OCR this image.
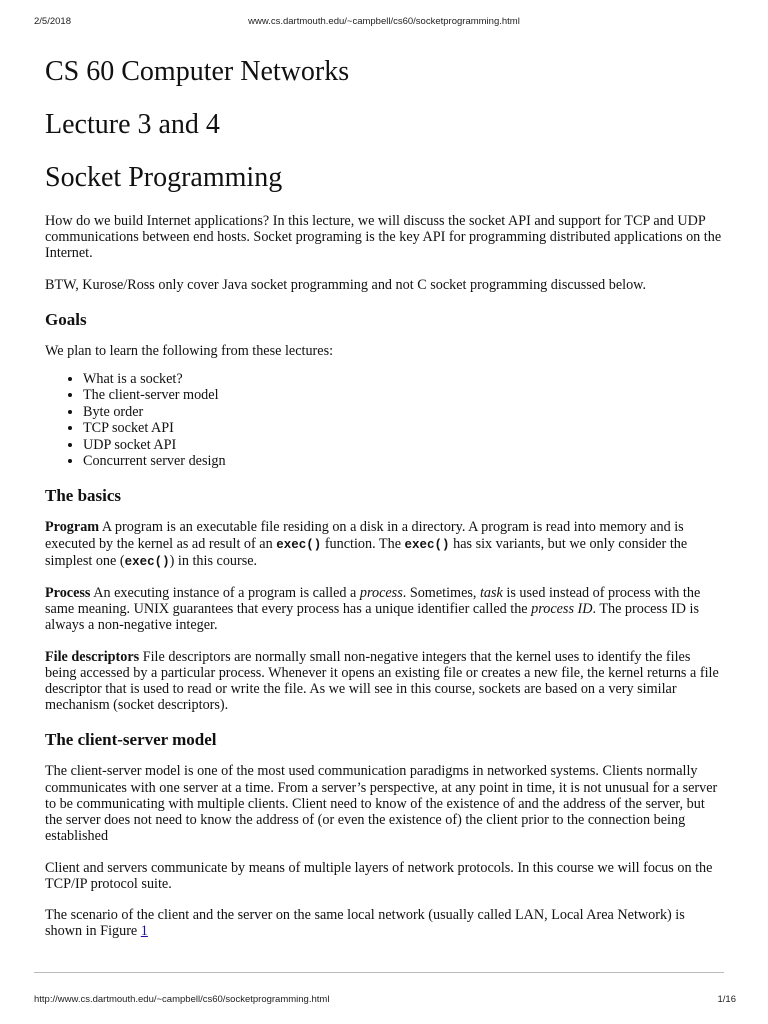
2/5/2018	www.cs.dartmouth.edu/~campbell/cs60/socketprogramming.html
CS 60 Computer Networks
Lecture 3 and 4
Socket Programming

How do we build Internet applications? In this lecture, we will discuss the socket API and support for TCP and UDP communications between end hosts. Socket programing is the key API for programming distributed applications on the Internet.

BTW, Kurose/Ross only cover Java socket programming and not C socket programming discussed below.

Goals

We plan to learn the following from these lectures:

• What is a socket?
• The client-server model
• Byte order
• TCP socket API
• UDP socket API
• Concurrent server design
The basics

Program A program is an executable file residing on a disk in a directory. A program is read into memory and is executed by the kernel as ad result of an exec() function. The exec() has six variants, but we only consider the simplest one (exec()) in this course.

Process An executing instance of a program is called a process. Sometimes, task is used instead of process with the same meaning. UNIX guarantees that every process has a unique identifier called the process ID. The process ID is always a non-negative integer.

File descriptors File descriptors are normally small non-negative integers that the kernel uses to identify the files being accessed by a particular process. Whenever it opens an existing file or creates a new file, the kernel returns a file descriptor that is used to read or write the file. As we will see in this course, sockets are based on a very similar mechanism (socket descriptors).

The client-server model

The client-server model is one of the most used communication paradigms in networked systems. Clients normally communicates with one server at a time. From a server’s perspective, at any point in time, it is not unusual for a server to be communicating with multiple clients. Client need to know of the existence of and the address of the server, but the server does not need to know the address of (or even the existence of) the client prior to the connection being established

Client and servers communicate by means of multiple layers of network protocols. In this course we will focus on the TCP/IP protocol suite.

The scenario of the client and the server on the same local network (usually called LAN, Local Area Network) is shown in Figure 1

http://www.cs.dartmouth.edu/~campbell/cs60/socketprogramming.html	1/16
